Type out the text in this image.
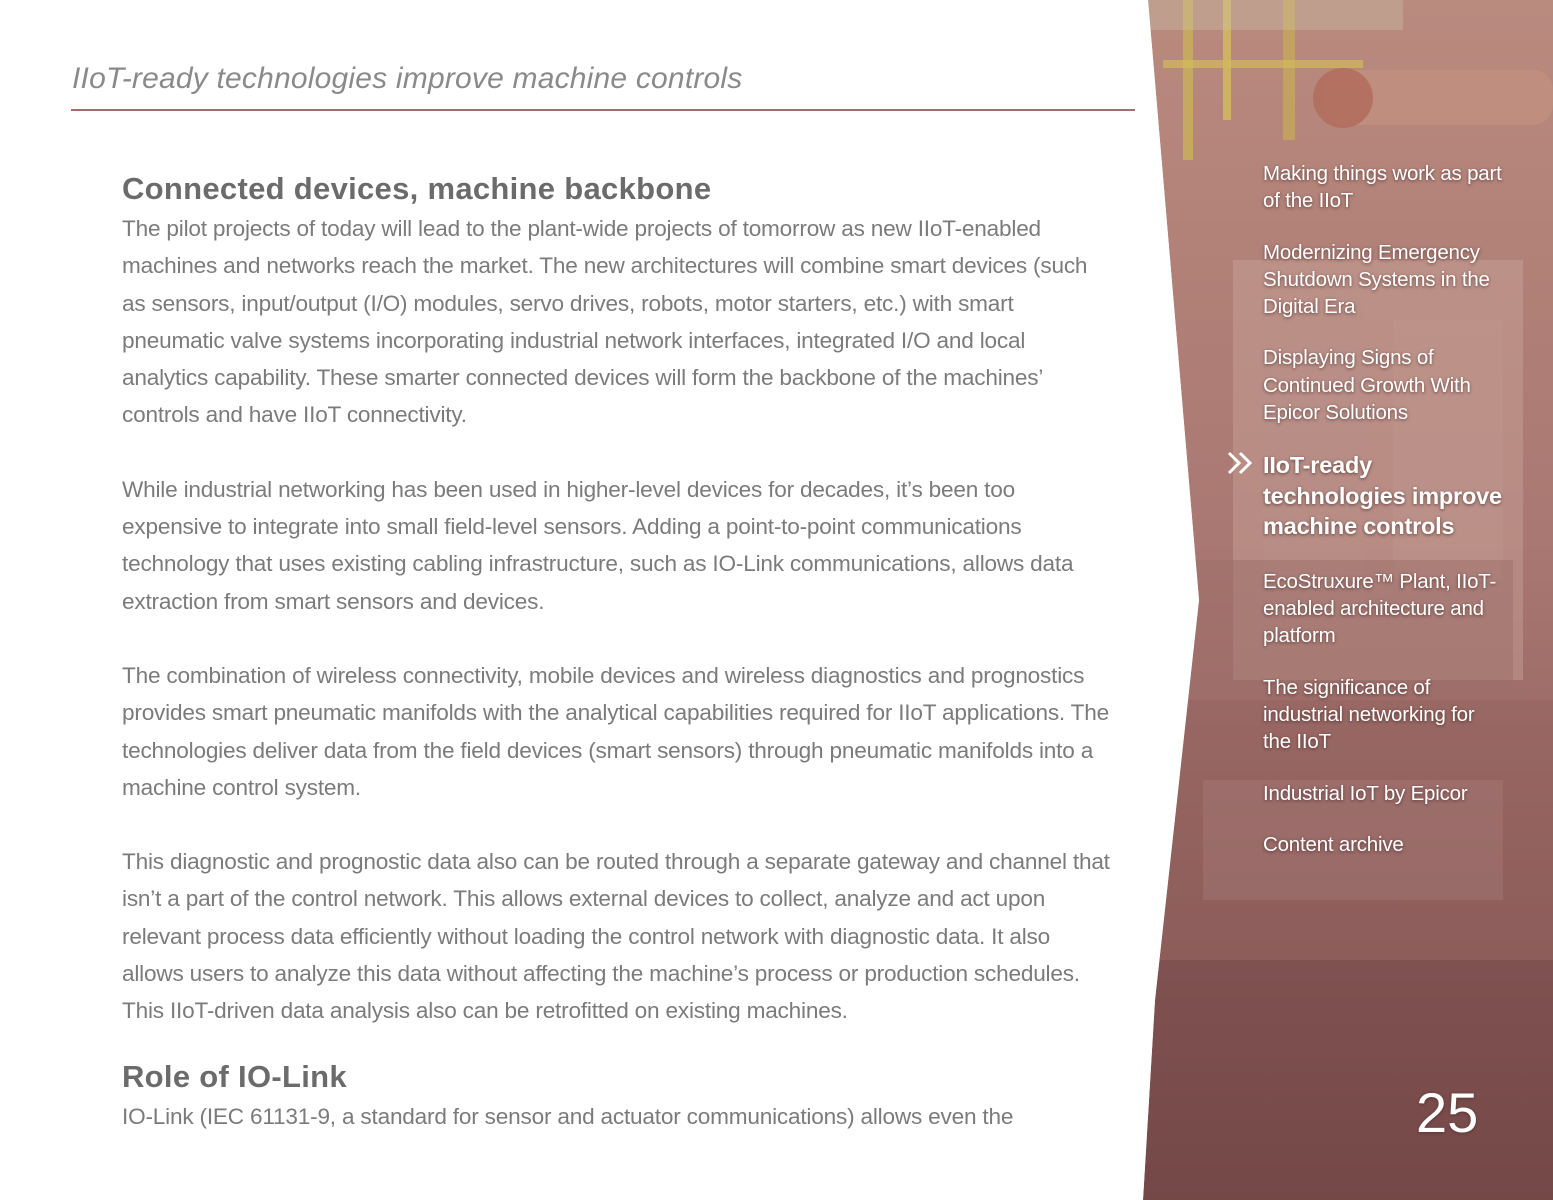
IIoT-ready technologies improve machine controls
Connected devices, machine backbone

The pilot projects of today will lead to the plant-wide projects of tomorrow as new IIoT-enabled machines and networks reach the market. The new architectures will combine smart devices (such as sensors, input/output (I/O) modules, servo drives, robots, motor starters, etc.) with smart pneumatic valve systems incorporating industrial network interfaces, integrated I/O and local analytics capability. These smarter connected devices will form the backbone of the machines’ controls and have IIoT connectivity.

While industrial networking has been used in higher-level devices for decades, it’s been too expensive to integrate into small field-level sensors. Adding a point-to-point communications technology that uses existing cabling infrastructure, such as IO-Link communications, allows data extraction from smart sensors and devices.

The combination of wireless connectivity, mobile devices and wireless diagnostics and prognostics provides smart pneumatic manifolds with the analytical capabilities required for IIoT applications. The technologies deliver data from the field devices (smart sensors) through pneumatic manifolds into a machine control system.

This diagnostic and prognostic data also can be routed through a separate gateway and channel that isn’t a part of the control network. This allows external devices to collect, analyze and act upon relevant process data efficiently without loading the control network with diagnostic data. It also allows users to analyze this data without affecting the machine’s process or production schedules. This IIoT-driven data analysis also can be retrofitted on existing machines.

Role of IO-Link

IO-Link (IEC 61131-9, a standard for sensor and actuator communications) allows even the

Making things work as part of the IIoT
Modernizing Emergency Shutdown Systems in the Digital Era
Displaying Signs of Continued Growth With Epicor Solutions
IIoT-ready technologies improve machine controls
EcoStruxure™ Plant, IIoT-enabled architecture and platform
The significance of industrial networking for the IIoT
Industrial IoT by Epicor
Content archive
25
